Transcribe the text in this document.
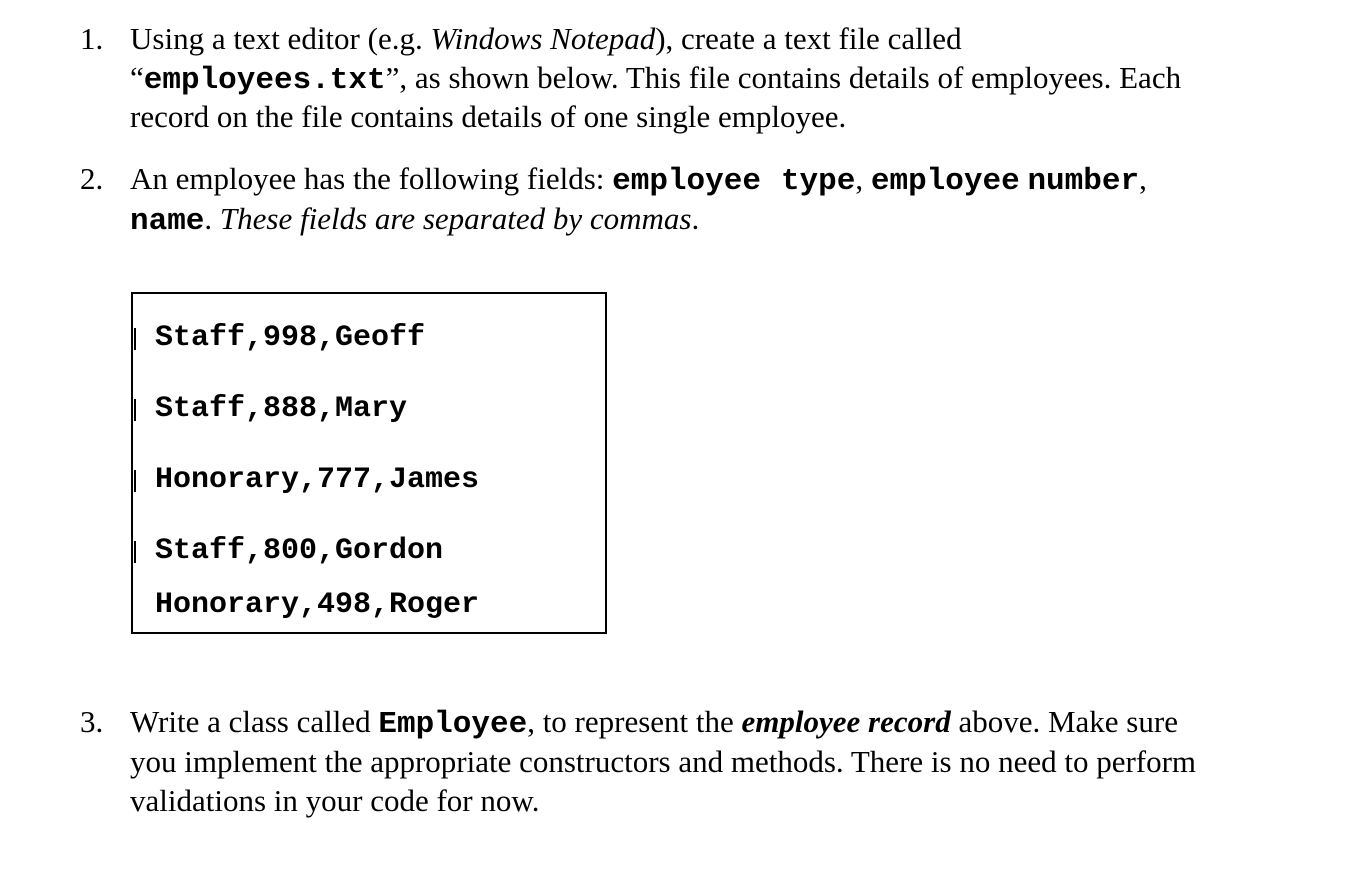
1. Using a text editor (e.g. Windows Notepad), create a text file called
“employees.txt”, as shown below. This file contains details of employees. Each
record on the file contains details of one single employee.
2. An employee has the following fields: employee type, employee number,
name. These fields are separated by commas.
Staff,998,Geoff
Staff,888,Mary
Honorary,777,James
Staff,800,Gordon
Honorary,498,Roger
3. Write a class called Employee, to represent the employee record above. Make sure
you implement the appropriate constructors and methods. There is no need to perform
validations in your code for now.
